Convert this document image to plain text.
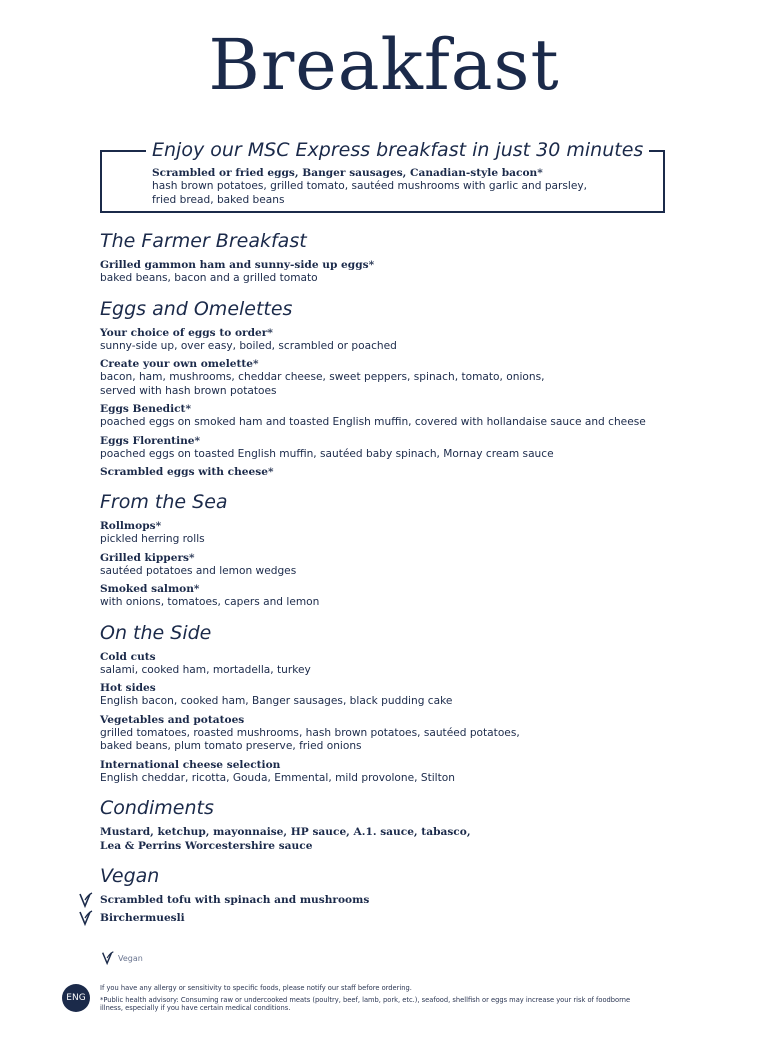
Breakfast
Enjoy our MSC Express breakfast in just 30 minutes
Scrambled or fried eggs, Banger sausages, Canadian-style bacon*
hash brown potatoes, grilled tomato, sautéed mushrooms with garlic and parsley,
fried bread, baked beans
The Farmer Breakfast
Grilled gammon ham and sunny-side up eggs*
baked beans, bacon and a grilled tomato
Eggs and Omelettes
Your choice of eggs to order*
sunny-side up, over easy, boiled, scrambled or poached
Create your own omelette*
bacon, ham, mushrooms, cheddar cheese, sweet peppers, spinach, tomato, onions,
served with hash brown potatoes
Eggs Benedict*
poached eggs on smoked ham and toasted English muffin, covered with hollandaise sauce and cheese
Eggs Florentine*
poached eggs on toasted English muffin, sautéed baby spinach, Mornay cream sauce
Scrambled eggs with cheese*
From the Sea
Rollmops*
pickled herring rolls
Grilled kippers*
sautéed potatoes and lemon wedges
Smoked salmon*
with onions, tomatoes, capers and lemon
On the Side
Cold cuts
salami, cooked ham, mortadella, turkey
Hot sides
English bacon, cooked ham, Banger sausages, black pudding cake
Vegetables and potatoes
grilled tomatoes, roasted mushrooms, hash brown potatoes, sautéed potatoes,
baked beans, plum tomato preserve, fried onions
International cheese selection
English cheddar, ricotta, Gouda, Emmental, mild provolone, Stilton
Condiments
Mustard, ketchup, mayonnaise, HP sauce, A.1. sauce, tabasco,
Lea & Perrins Worcestershire sauce
Vegan
Scrambled tofu with spinach and mushrooms
Birchermuesli
Vegan
ENG

If you have any allergy or sensitivity to specific foods, please notify our staff before ordering.

*Public health advisory: Consuming raw or undercooked meats (poultry, beef, lamb, pork, etc.), seafood, shellfish or eggs may increase your risk of foodborne illness, especially if you have certain medical conditions.
